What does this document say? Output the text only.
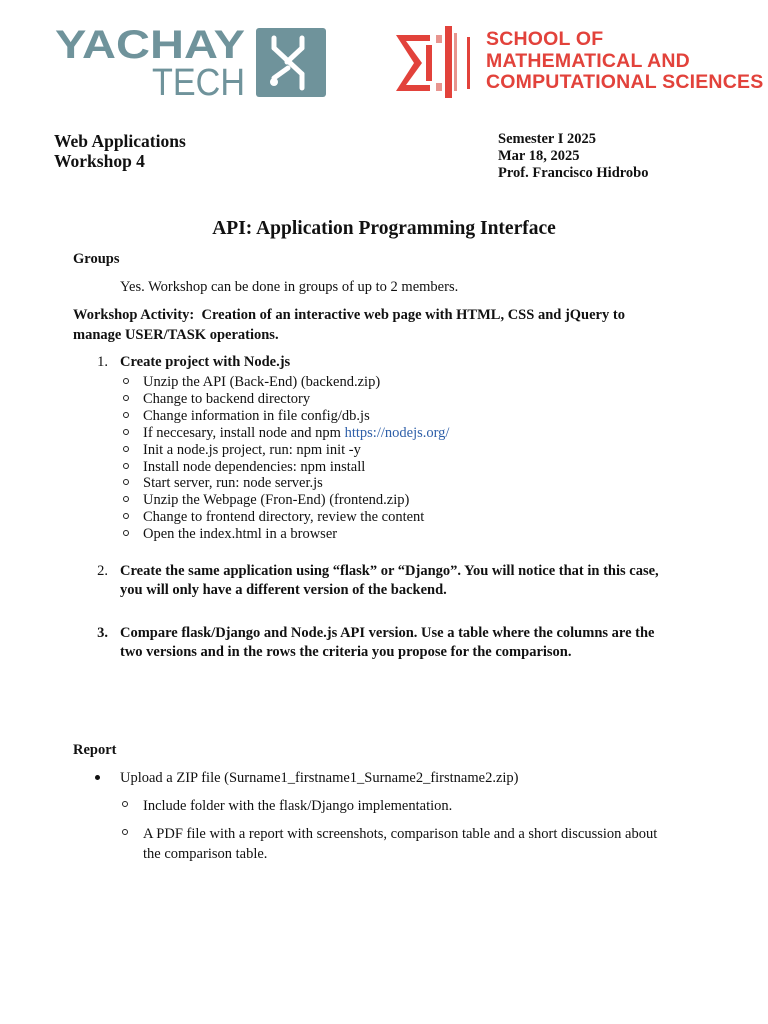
YACHAY
TECH
SCHOOL OF
MATHEMATICAL AND
COMPUTATIONAL SCIENCES
Web Applications
Workshop 4
Semester I 2025
Mar 18, 2025
Prof. Francisco Hidrobo
API: Application Programming Interface
Groups
Yes. Workshop can be done in groups of up to 2 members.
Workshop Activity: Creation of an interactive web page with HTML, CSS and jQuery to
manage USER/TASK operations.
1. Create project with Node.js
Unzip the API (Back-End) (backend.zip)
Change to backend directory
Change information in file config/db.js
If neccesary, install node and npm https://nodejs.org/
Init a node.js project, run: npm init -y
Install node dependencies: npm install
Start server, run: node server.js
Unzip the Webpage (Fron-End) (frontend.zip)
Change to frontend directory, review the content
Open the index.html in a browser
2. Create the same application using “flask” or “Django”. You will notice that in this case,
you will only have a different version of the backend.
3. Compare flask/Django and Node.js API version. Use a table where the columns are the
two versions and in the rows the criteria you propose for the comparison.
Report
Upload a ZIP file (Surname1_firstname1_Surname2_firstname2.zip)
Include folder with the flask/Django implementation.
A PDF file with a report with screenshots, comparison table and a short discussion about
the comparison table.
